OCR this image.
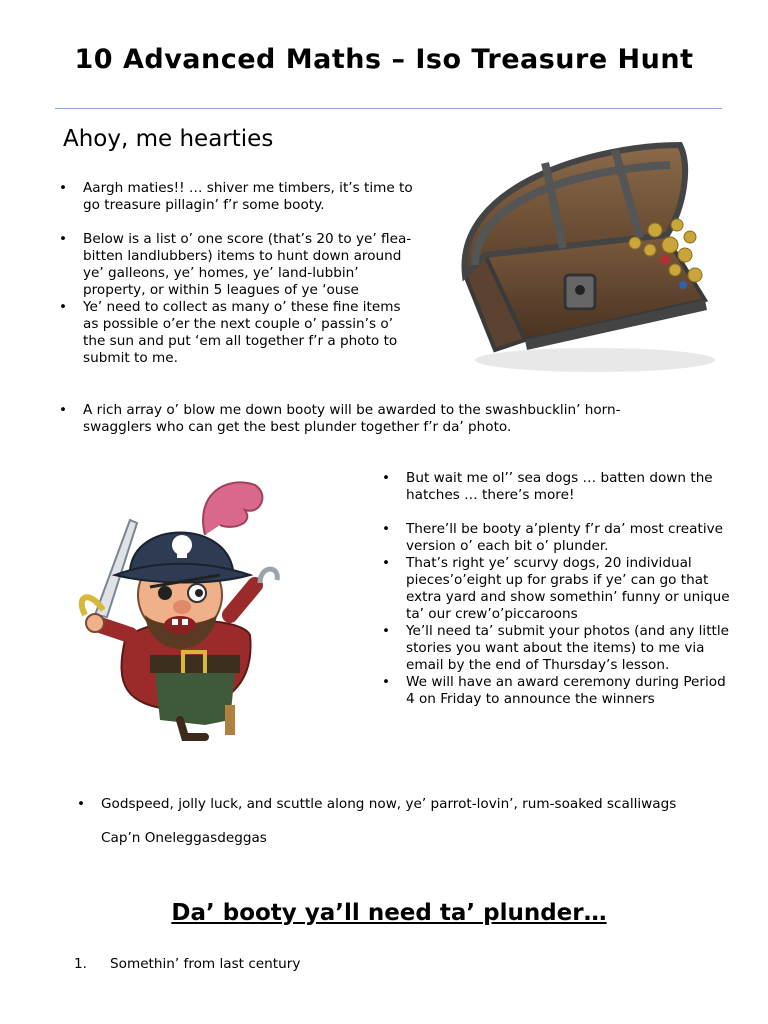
10 Advanced Maths – Iso Treasure Hunt
Ahoy, me hearties
• Aargh maties!! … shiver me timbers, it’s time to go treasure pillagin’ f’r some booty.
• Below is a list o’ one score (that’s 20 to ye’ flea-bitten landlubbers) items to hunt down around ye’ galleons, ye’ homes, ye’ land-lubbin’ property, or within 5 leagues of ye ‘ouse
• Ye’ need to collect as many o’ these fine items as possible o’er the next couple o’ passin’s o’ the sun and put ‘em all together f’r a photo to submit to me.
• A rich array o’ blow me down booty will be awarded to the swashbucklin’ horn-swagglers who can get the best plunder together f’r da’ photo.
• But wait me ol’’ sea dogs … batten down the hatches … there’s more!
• There’ll be booty a’plenty f’r da’ most creative version o’ each bit o’ plunder.
• That’s right ye’ scurvy dogs, 20 individual pieces’o’eight up for grabs if ye’ can go that extra yard and show somethin’ funny or unique ta’ our crew’o’piccaroons
• Ye’ll need ta’ submit your photos (and any little stories you want about the items) to me via email by the end of Thursday’s lesson.
• We will have an award ceremony during Period 4 on Friday to announce the winners
• Godspeed, jolly luck, and scuttle along now, ye’ parrot-lovin’, rum-soaked scalliwags
Cap’n Oneleggasdeggas
Da’ booty ya’ll need ta’ plunder…
1. Somethin’ from last century
